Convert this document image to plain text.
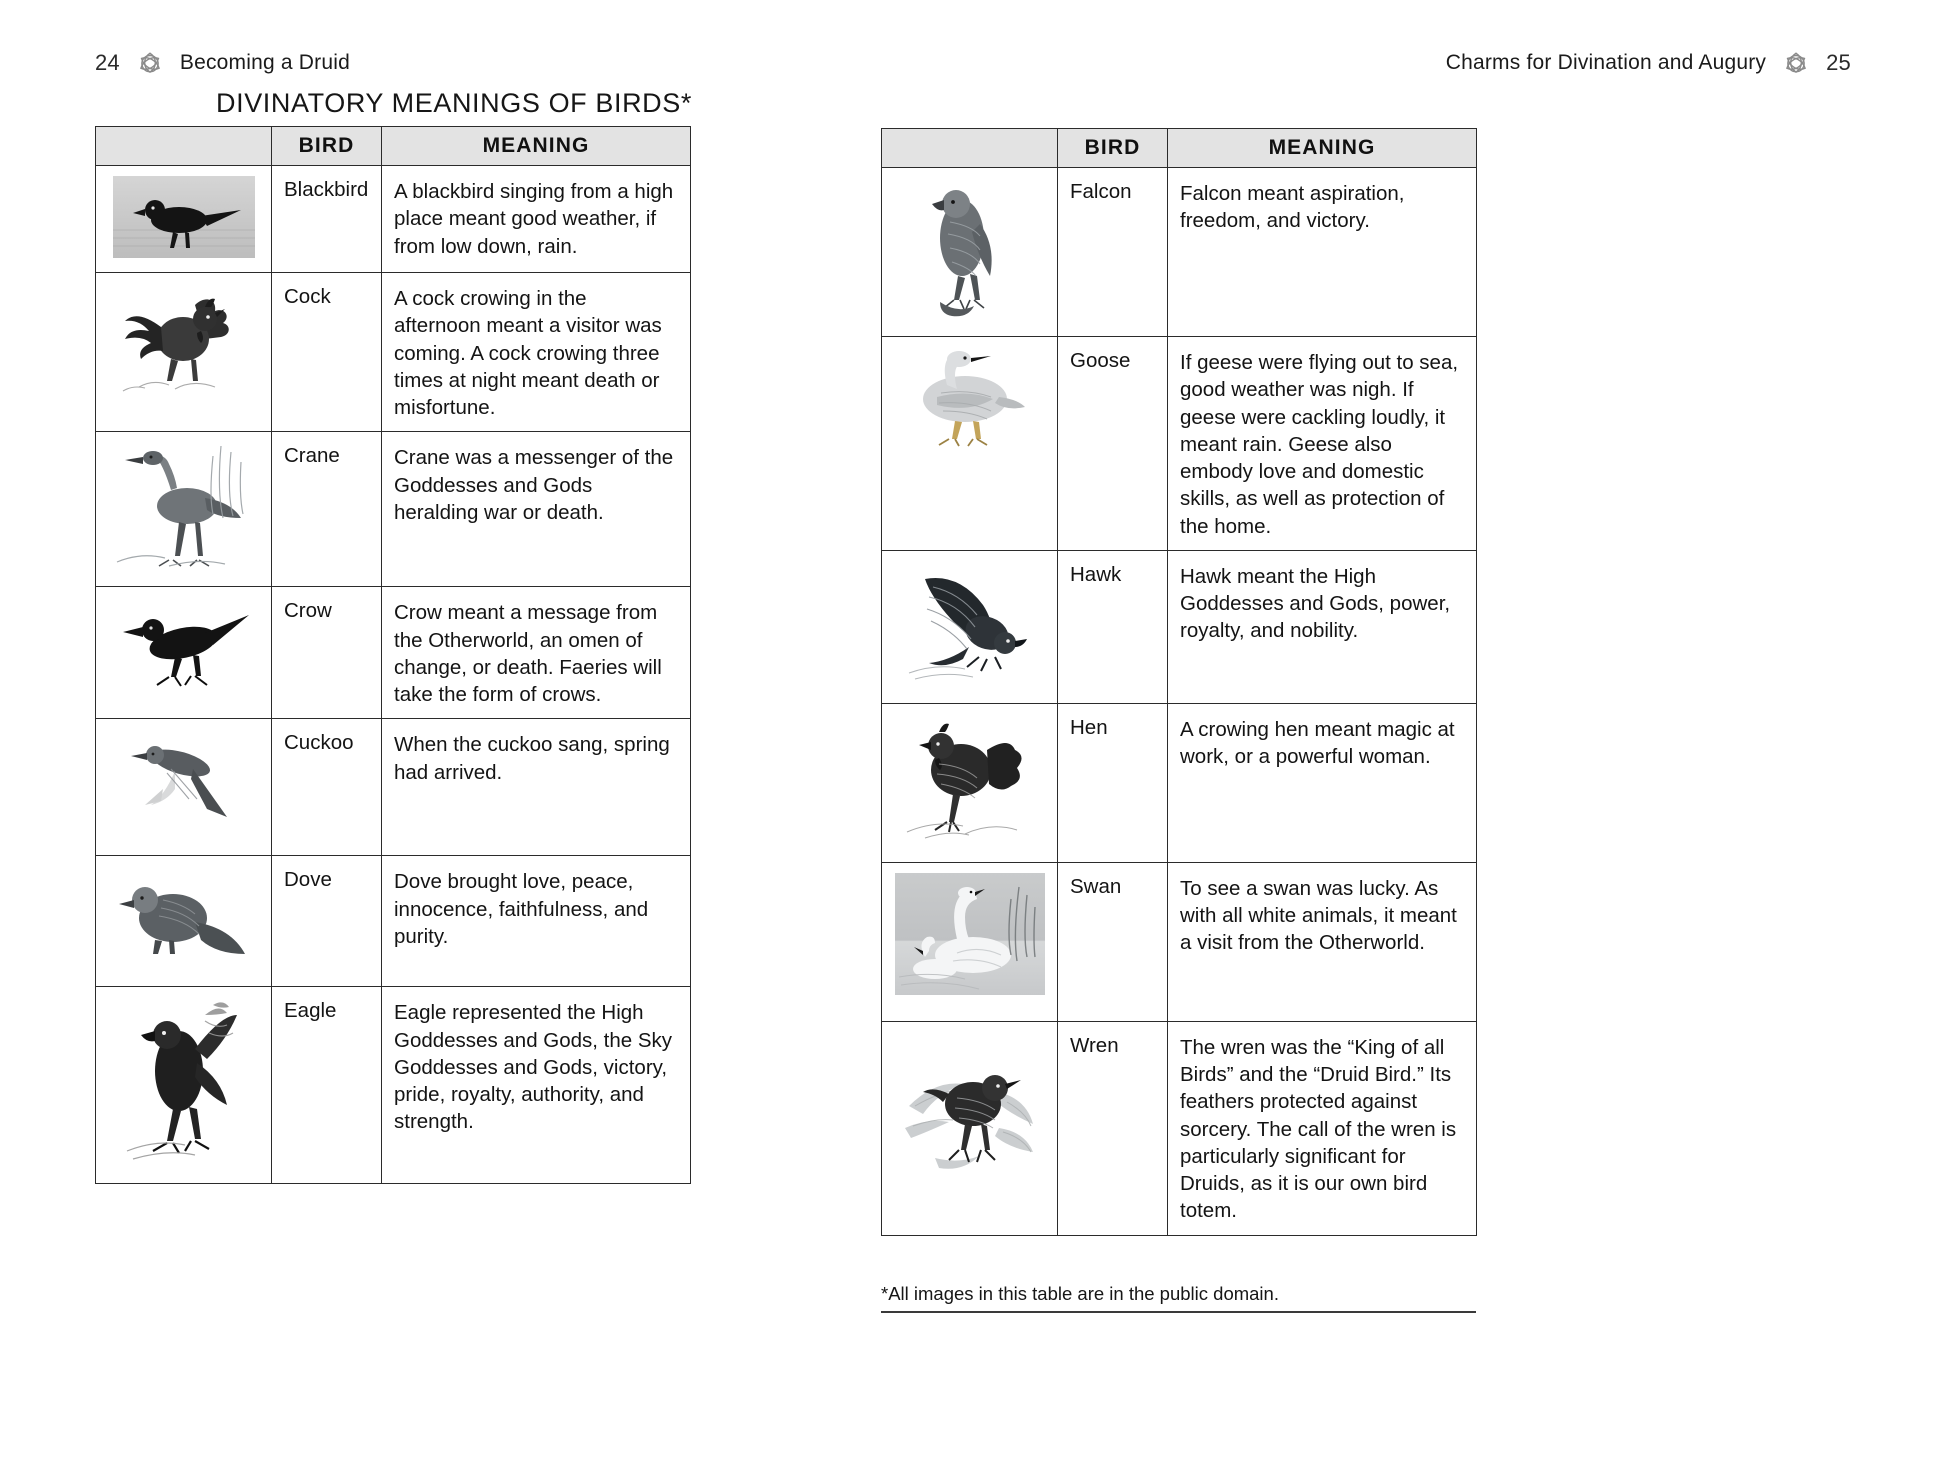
24	Becoming a Druid
DIVINATORY MEANINGS OF BIRDS*
	BIRD	MEANING

	Blackbird	A blackbird singing from a high place meant good weather, if from low down, rain.

	Cock	A cock crowing in the afternoon meant a visitor was coming. A cock crowing three times at night meant death or misfortune.

	Crane	Crane was a messenger of the Goddesses and Gods heralding war or death.

	Crow	Crow meant a message from the Otherworld, an omen of change, or death. Faeries will take the form of crows.

	Cuckoo	When the cuckoo sang, spring had arrived.

	Dove	Dove brought love, peace, innocence, faithfulness, and purity.

	Eagle	Eagle represented the High Goddesses and Gods, the Sky Goddesses and Gods, victory, pride, royalty, authority, and strength.
Charms for Divination and Augury	25
	BIRD	MEANING

	Falcon	Falcon meant aspiration, freedom, and victory.

	Goose	If geese were flying out to sea, good weather was nigh. If geese were cackling loudly, it meant rain. Geese also embody love and domestic skills, as well as protection of the home.

	Hawk	Hawk meant the High Goddesses and Gods, power, royalty, and nobility.

	Hen	A crowing hen meant magic at work, or a powerful woman.

	Swan	To see a swan was lucky. As with all white animals, it meant a visit from the Otherworld.

	Wren	The wren was the “King of all Birds” and the “Druid Bird.” Its feathers protected against sorcery. The call of the wren is particularly significant for Druids, as it is our own bird totem.
*All images in this table are in the public domain.
